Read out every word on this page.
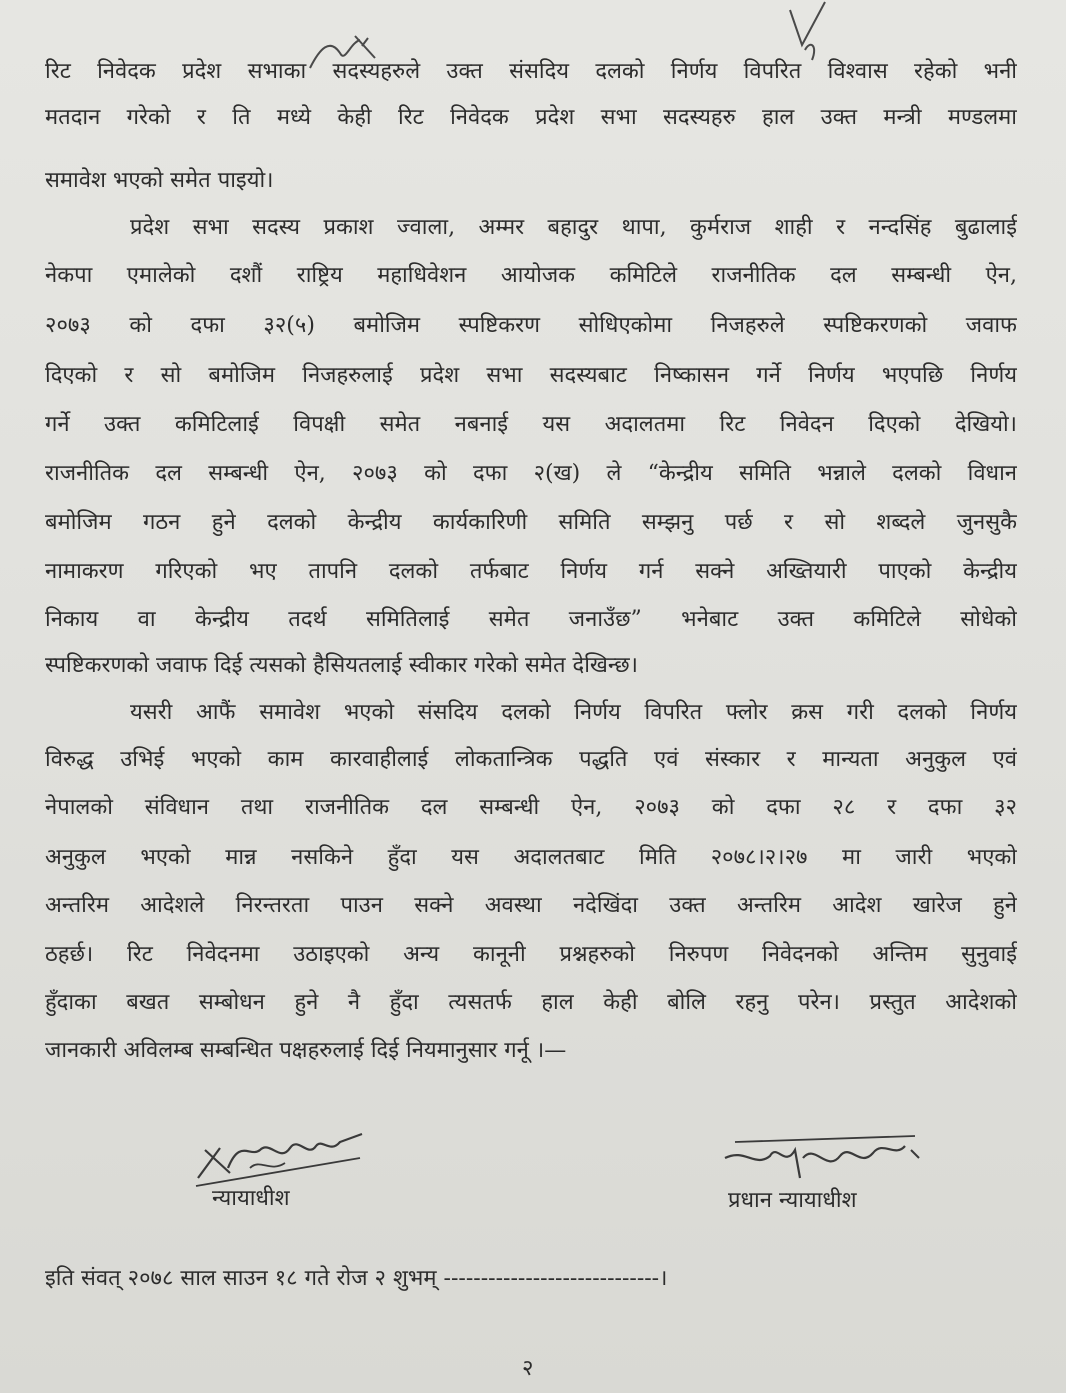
रिट निवेदक प्रदेश सभाका सदस्यहरुले उक्त संसदिय दलको निर्णय विपरित विश्वास रहेको भनी
मतदान गरेको र ति मध्ये केही रिट निवेदक प्रदेश सभा सदस्यहरु हाल उक्त मन्त्री मण्डलमा
समावेश भएको समेत पाइयो।
प्रदेश सभा सदस्य प्रकाश ज्वाला, अम्मर बहादुर थापा, कुर्मराज शाही र नन्दसिंह बुढालाई
नेकपा एमालेको दशौं राष्ट्रिय महाधिवेशन आयोजक कमिटिले राजनीतिक दल सम्बन्धी ऐन,
२०७३ को दफा ३२(५) बमोजिम स्पष्टिकरण सोधिएकोमा निजहरुले स्पष्टिकरणको जवाफ
दिएको र सो बमोजिम निजहरुलाई प्रदेश सभा सदस्यबाट निष्कासन गर्ने निर्णय भएपछि निर्णय
गर्ने उक्त कमिटिलाई विपक्षी समेत नबनाई यस अदालतमा रिट निवेदन दिएको देखियो।
राजनीतिक दल सम्बन्धी ऐन, २०७३ को दफा २(ख) ले “केन्द्रीय समिति भन्नाले दलको विधान
बमोजिम गठन हुने दलको केन्द्रीय कार्यकारिणी समिति सम्झनु पर्छ र सो शब्दले जुनसुकै
नामाकरण गरिएको भए तापनि दलको तर्फबाट निर्णय गर्न सक्ने अख्तियारी पाएको केन्द्रीय
निकाय वा केन्द्रीय तदर्थ समितिलाई समेत जनाउँछ” भनेबाट उक्त कमिटिले सोधेको
स्पष्टिकरणको जवाफ दिई त्यसको हैसियतलाई स्वीकार गरेको समेत देखिन्छ।
यसरी आफैं समावेश भएको संसदिय दलको निर्णय विपरित फ्लोर क्रस गरी दलको निर्णय
विरुद्ध उभिई भएको काम कारवाहीलाई लोकतान्त्रिक पद्धति एवं संस्कार र मान्यता अनुकुल एवं
नेपालको संविधान तथा राजनीतिक दल सम्बन्धी ऐन, २०७३ को दफा २८ र दफा ३२
अनुकुल भएको मान्न नसकिने हुँदा यस अदालतबाट मिति २०७८।२।२७ मा जारी भएको
अन्तरिम आदेशले निरन्तरता पाउन सक्ने अवस्था नदेखिंदा उक्त अन्तरिम आदेश खारेज हुने
ठहर्छ। रिट निवेदनमा उठाइएको अन्य कानूनी प्रश्नहरुको निरुपण निवेदनको अन्तिम सुनुवाई
हुँदाका बखत सम्बोधन हुने नै हुँदा त्यसतर्फ हाल केही बोलि रहनु परेन। प्रस्तुत आदेशको
जानकारी अविलम्ब सम्बन्धित पक्षहरुलाई दिई नियमानुसार गर्नू ।—
न्यायाधीश	प्रधान न्यायाधीश
इति संवत् २०७८ साल साउन १८ गते रोज २ शुभम् -----------------------------।
२
